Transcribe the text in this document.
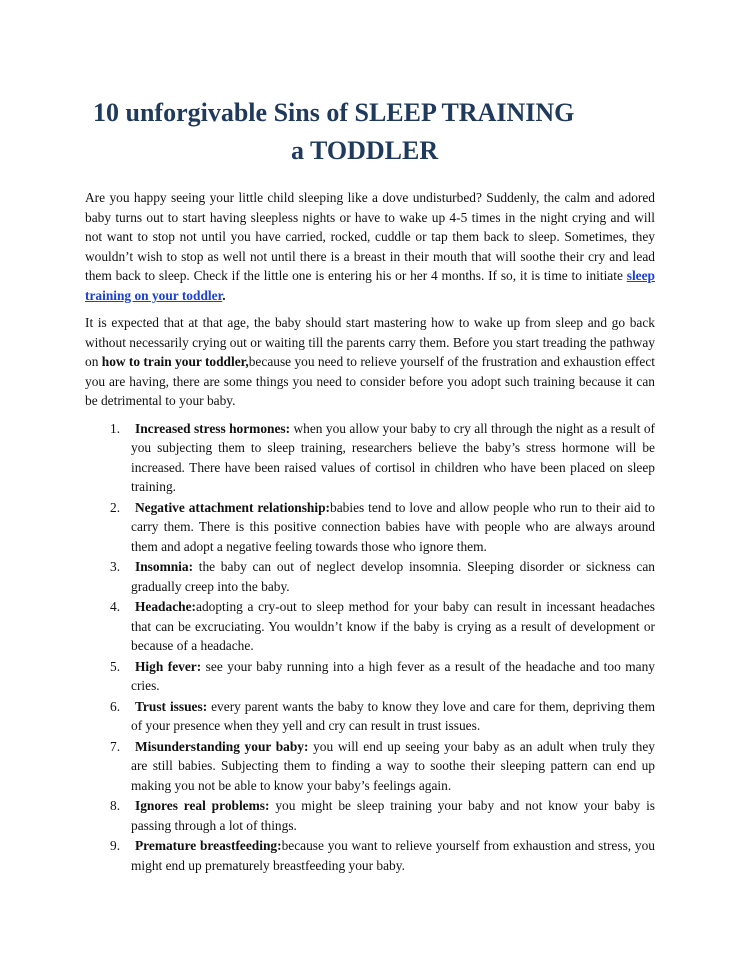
10 unforgivable Sins of SLEEP TRAINING
a TODDLER

Are you happy seeing your little child sleeping like a dove undisturbed? Suddenly, the calm and adored baby turns out to start having sleepless nights or have to wake up 4-5 times in the night crying and will not want to stop not until you have carried, rocked, cuddle or tap them back to sleep. Sometimes, they wouldn’t wish to stop as well not until there is a breast in their mouth that will soothe their cry and lead them back to sleep. Check if the little one is entering his or her 4 months. If so, it is time to initiate sleep training on your toddler.

It is expected that at that age, the baby should start mastering how to wake up from sleep and go back without necessarily crying out or waiting till the parents carry them. Before you start treading the pathway on how to train your toddler,because you need to relieve yourself of the frustration and exhaustion effect you are having, there are some things you need to consider before you adopt such training because it can be detrimental to your baby.

1. Increased stress hormones: when you allow your baby to cry all through the night as a result of you subjecting them to sleep training, researchers believe the baby’s stress hormone will be increased. There have been raised values of cortisol in children who have been placed on sleep training.
2. Negative attachment relationship:babies tend to love and allow people who run to their aid to carry them. There is this positive connection babies have with people who are always around them and adopt a negative feeling towards those who ignore them.
3. Insomnia: the baby can out of neglect develop insomnia. Sleeping disorder or sickness can gradually creep into the baby.
4. Headache:adopting a cry-out to sleep method for your baby can result in incessant headaches that can be excruciating. You wouldn’t know if the baby is crying as a result of development or because of a headache.
5. High fever: see your baby running into a high fever as a result of the headache and too many cries.
6. Trust issues: every parent wants the baby to know they love and care for them, depriving them of your presence when they yell and cry can result in trust issues.
7. Misunderstanding your baby: you will end up seeing your baby as an adult when truly they are still babies. Subjecting them to finding a way to soothe their sleeping pattern can end up making you not be able to know your baby’s feelings again.
8. Ignores real problems: you might be sleep training your baby and not know your baby is passing through a lot of things.
9. Premature breastfeeding:because you want to relieve yourself from exhaustion and stress, you might end up prematurely breastfeeding your baby.
